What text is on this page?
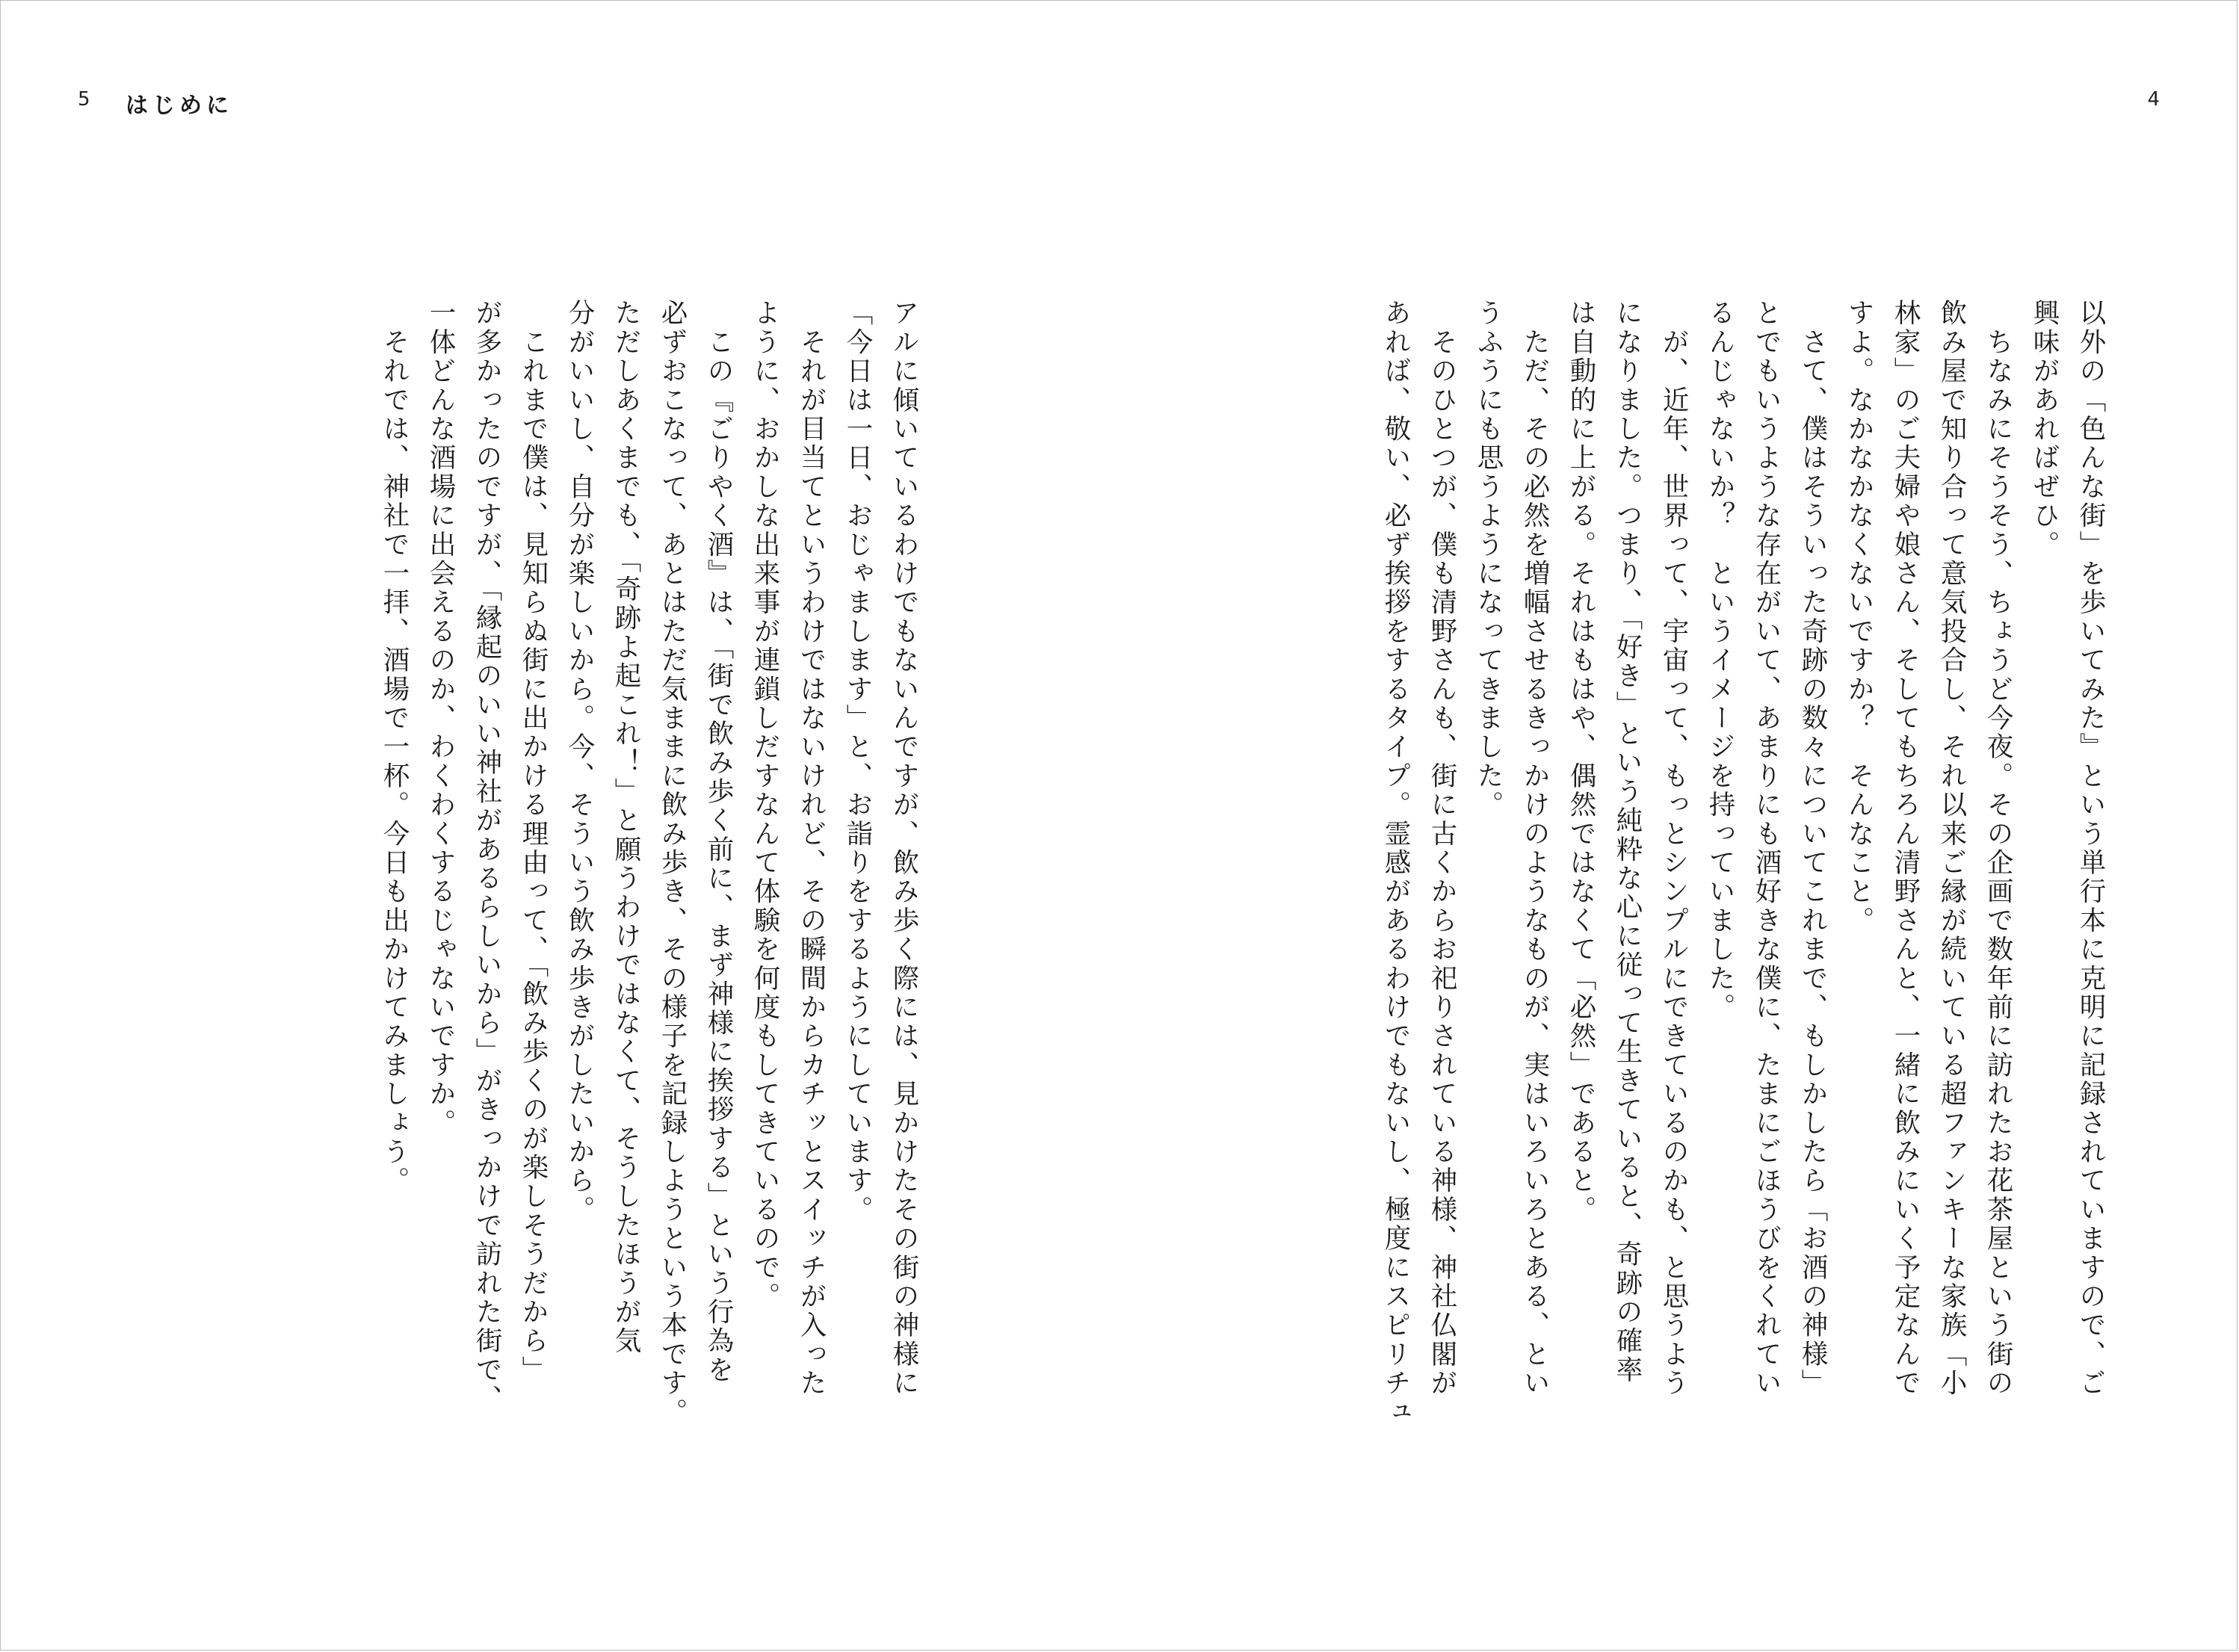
5 はじめに	4
以外の「色んな街」を歩いてみた』という単行本に克明に記録されていますので、ご
興味があればぜひ。
　ちなみにそうそう、ちょうど今夜。その企画で数年前に訪れたお花茶屋という街の
飲み屋で知り合って意気投合し、それ以来ご縁が続いている超ファンキーな家族「小
林家」のご夫婦や娘さん、そしてもちろん清野さんと、一緒に飲みにいく予定なんで
すよ。なかなかなくないですか？　そんなこと。
　さて、僕はそういった奇跡の数々についてこれまで、もしかしたら「お酒の神様」
とでもいうような存在がいて、あまりにも酒好きな僕に、たまにごほうびをくれてい
るんじゃないか？　というイメージを持っていました。
　が、近年、世界って、宇宙って、もっとシンプルにできているのかも、と思うよう
になりました。つまり、「好き」という純粋な心に従って生きていると、奇跡の確率
は自動的に上がる。それはもはや、偶然ではなくて「必然」であると。
　ただ、その必然を増幅させるきっかけのようなものが、実はいろいろとある、とい
うふうにも思うようになってきました。
　そのひとつが、僕も清野さんも、街に古くからお祀りされている神様、神社仏閣が
あれば、敬い、必ず挨拶をするタイプ。霊感があるわけでもないし、極度にスピリチュ
アルに傾いているわけでもないんですが、飲み歩く際には、見かけたその街の神様に
「今日は一日、おじゃまします」と、お詣りをするようにしています。
　それが目当てというわけではないけれど、その瞬間からカチッとスイッチが入った
ように、おかしな出来事が連鎖しだすなんて体験を何度もしてきているので。
　この『ごりやく酒』は、「街で飲み歩く前に、まず神様に挨拶する」という行為を
必ずおこなって、あとはただ気ままに飲み歩き、その様子を記録しようという本です。
ただしあくまでも、「奇跡よ起これ！」と願うわけではなくて、そうしたほうが気
分がいいし、自分が楽しいから。今、そういう飲み歩きがしたいから。
　これまで僕は、見知らぬ街に出かける理由って、「飲み歩くのが楽しそうだから」
が多かったのですが、「縁起のいい神社があるらしいから」がきっかけで訪れた街で、
一体どんな酒場に出会えるのか、わくわくするじゃないですか。
　それでは、神社で一拝、酒場で一杯。今日も出かけてみましょう。
